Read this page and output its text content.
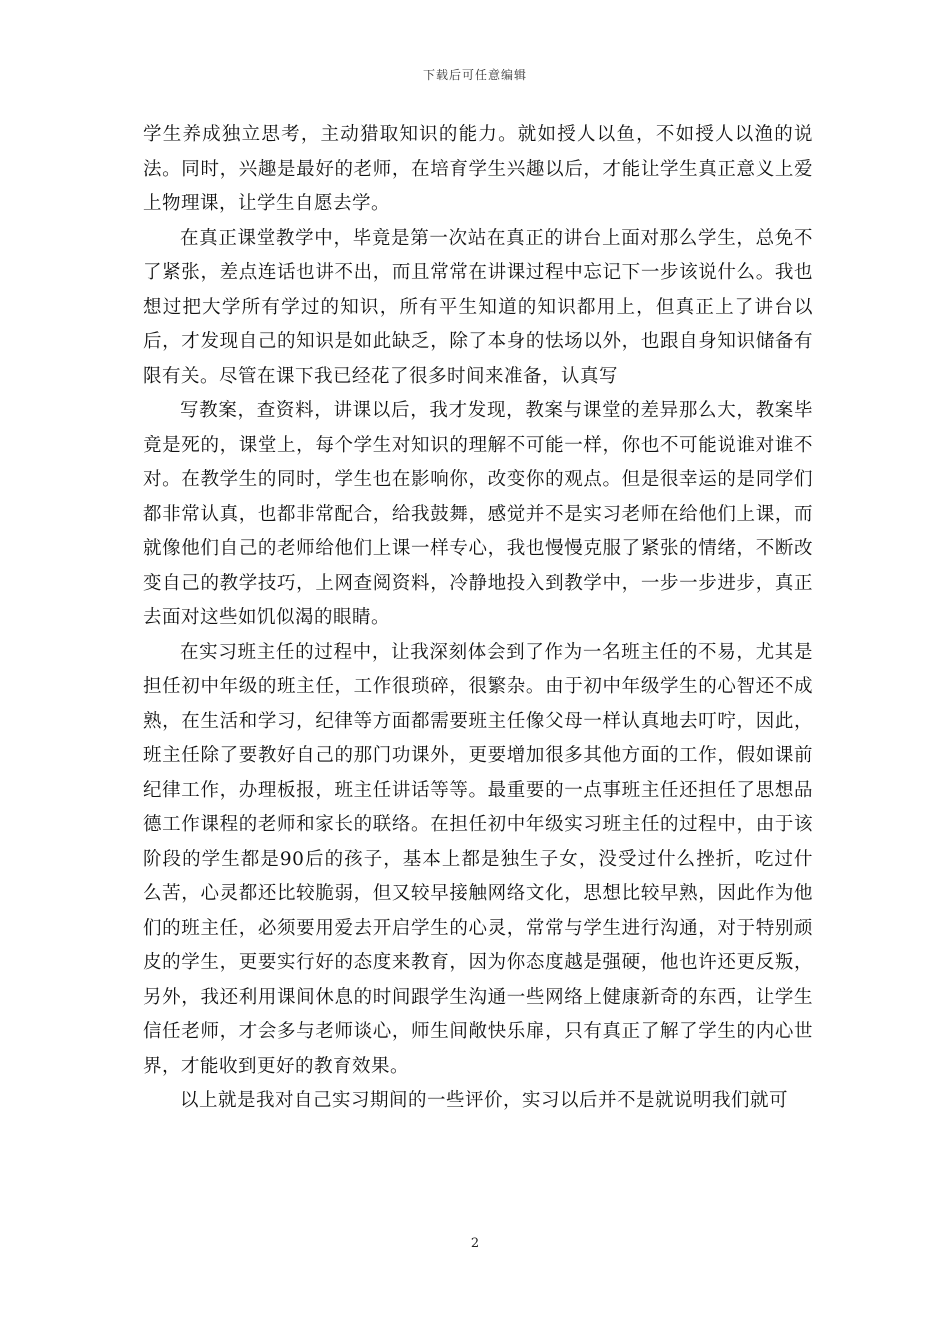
下载后可任意编辑

学生养成独立思考，主动猎取知识的能力。就如授人以鱼，不如授人以渔的说法。同时，兴趣是最好的老师，在培育学生兴趣以后，才能让学生真正意义上爱上物理课，让学生自愿去学。

在真正课堂教学中，毕竟是第一次站在真正的讲台上面对那么学生，总免不了紧张，差点连话也讲不出，而且常常在讲课过程中忘记下一步该说什么。我也想过把大学所有学过的知识，所有平生知道的知识都用上，但真正上了讲台以后，才发现自己的知识是如此缺乏，除了本身的怯场以外，也跟自身知识储备有限有关。尽管在课下我已经花了很多时间来准备，认真写

写教案，查资料，讲课以后，我才发现，教案与课堂的差异那么大，教案毕竟是死的，课堂上，每个学生对知识的理解不可能一样，你也不可能说谁对谁不对。在教学生的同时，学生也在影响你，改变你的观点。但是很幸运的是同学们都非常认真，也都非常配合，给我鼓舞，感觉并不是实习老师在给他们上课，而就像他们自己的老师给他们上课一样专心，我也慢慢克服了紧张的情绪，不断改变自己的教学技巧，上网查阅资料，冷静地投入到教学中，一步一步进步，真正去面对这些如饥似渴的眼睛。

在实习班主任的过程中，让我深刻体会到了作为一名班主任的不易，尤其是担任初中年级的班主任，工作很琐碎，很繁杂。由于初中年级学生的心智还不成熟，在生活和学习，纪律等方面都需要班主任像父母一样认真地去叮咛，因此，班主任除了要教好自己的那门功课外，更要增加很多其他方面的工作，假如课前纪律工作，办理板报，班主任讲话等等。最重要的一点事班主任还担任了思想品德工作课程的老师和家长的联络。在担任初中年级实习班主任的过程中，由于该阶段的学生都是90后的孩子，基本上都是独生子女，没受过什么挫折，吃过什么苦，心灵都还比较脆弱，但又较早接触网络文化，思想比较早熟，因此作为他们的班主任，必须要用爱去开启学生的心灵，常常与学生进行沟通，对于特别顽皮的学生，更要实行好的态度来教育，因为你态度越是强硬，他也许还更反叛，另外，我还利用课间休息的时间跟学生沟通一些网络上健康新奇的东西，让学生信任老师，才会多与老师谈心，师生间敞快乐扉，只有真正了解了学生的内心世界，才能收到更好的教育效果。

以上就是我对自己实习期间的一些评价，实习以后并不是就说明我们就可

2
